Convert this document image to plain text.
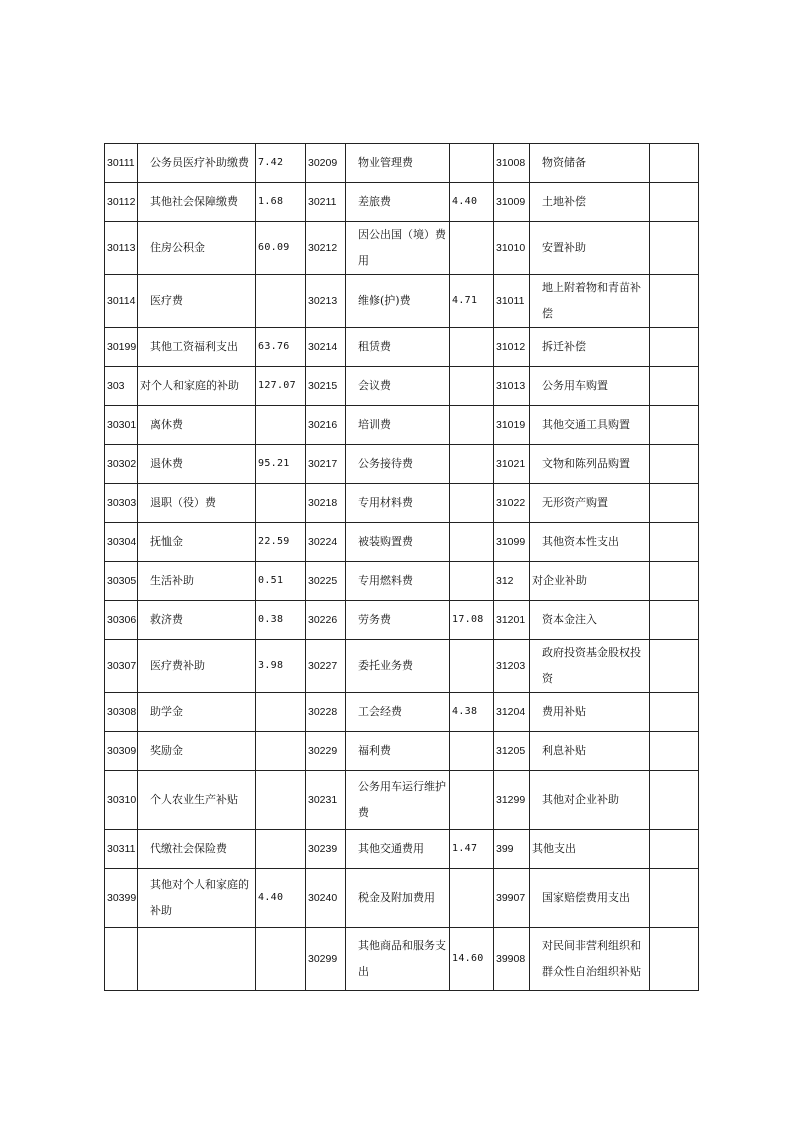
30111	公务员医疗补助缴费	7.42	30209	物业管理费		31008	物资储备	
30112	其他社会保障缴费	1.68	30211	差旅费	4.40	31009	土地补偿	
30113	住房公积金	60.09	30212	因公出国（境）费用		31010	安置补助	
30114	医疗费		30213	维修(护)费	4.71	31011	地上附着物和青苗补偿	
30199	其他工资福利支出	63.76	30214	租赁费		31012	拆迁补偿	
303	对个人和家庭的补助	127.07	30215	会议费		31013	公务用车购置	
30301	离休费		30216	培训费		31019	其他交通工具购置	
30302	退休费	95.21	30217	公务接待费		31021	文物和陈列品购置	
30303	退职（役）费		30218	专用材料费		31022	无形资产购置	
30304	抚恤金	22.59	30224	被装购置费		31099	其他资本性支出	
30305	生活补助	0.51	30225	专用燃料费		312	对企业补助	
30306	救济费	0.38	30226	劳务费	17.08	31201	资本金注入	
30307	医疗费补助	3.98	30227	委托业务费		31203	政府投资基金股权投资	
30308	助学金		30228	工会经费	4.38	31204	费用补贴	
30309	奖励金		30229	福利费		31205	利息补贴	
30310	个人农业生产补贴		30231	公务用车运行维护费		31299	其他对企业补助	
30311	代缴社会保险费		30239	其他交通费用	1.47	399	其他支出	
30399	其他对个人和家庭的补助	4.40	30240	税金及附加费用		39907	国家赔偿费用支出	
			30299	其他商品和服务支出	14.60	39908	对民间非营利组织和群众性自治组织补贴	
